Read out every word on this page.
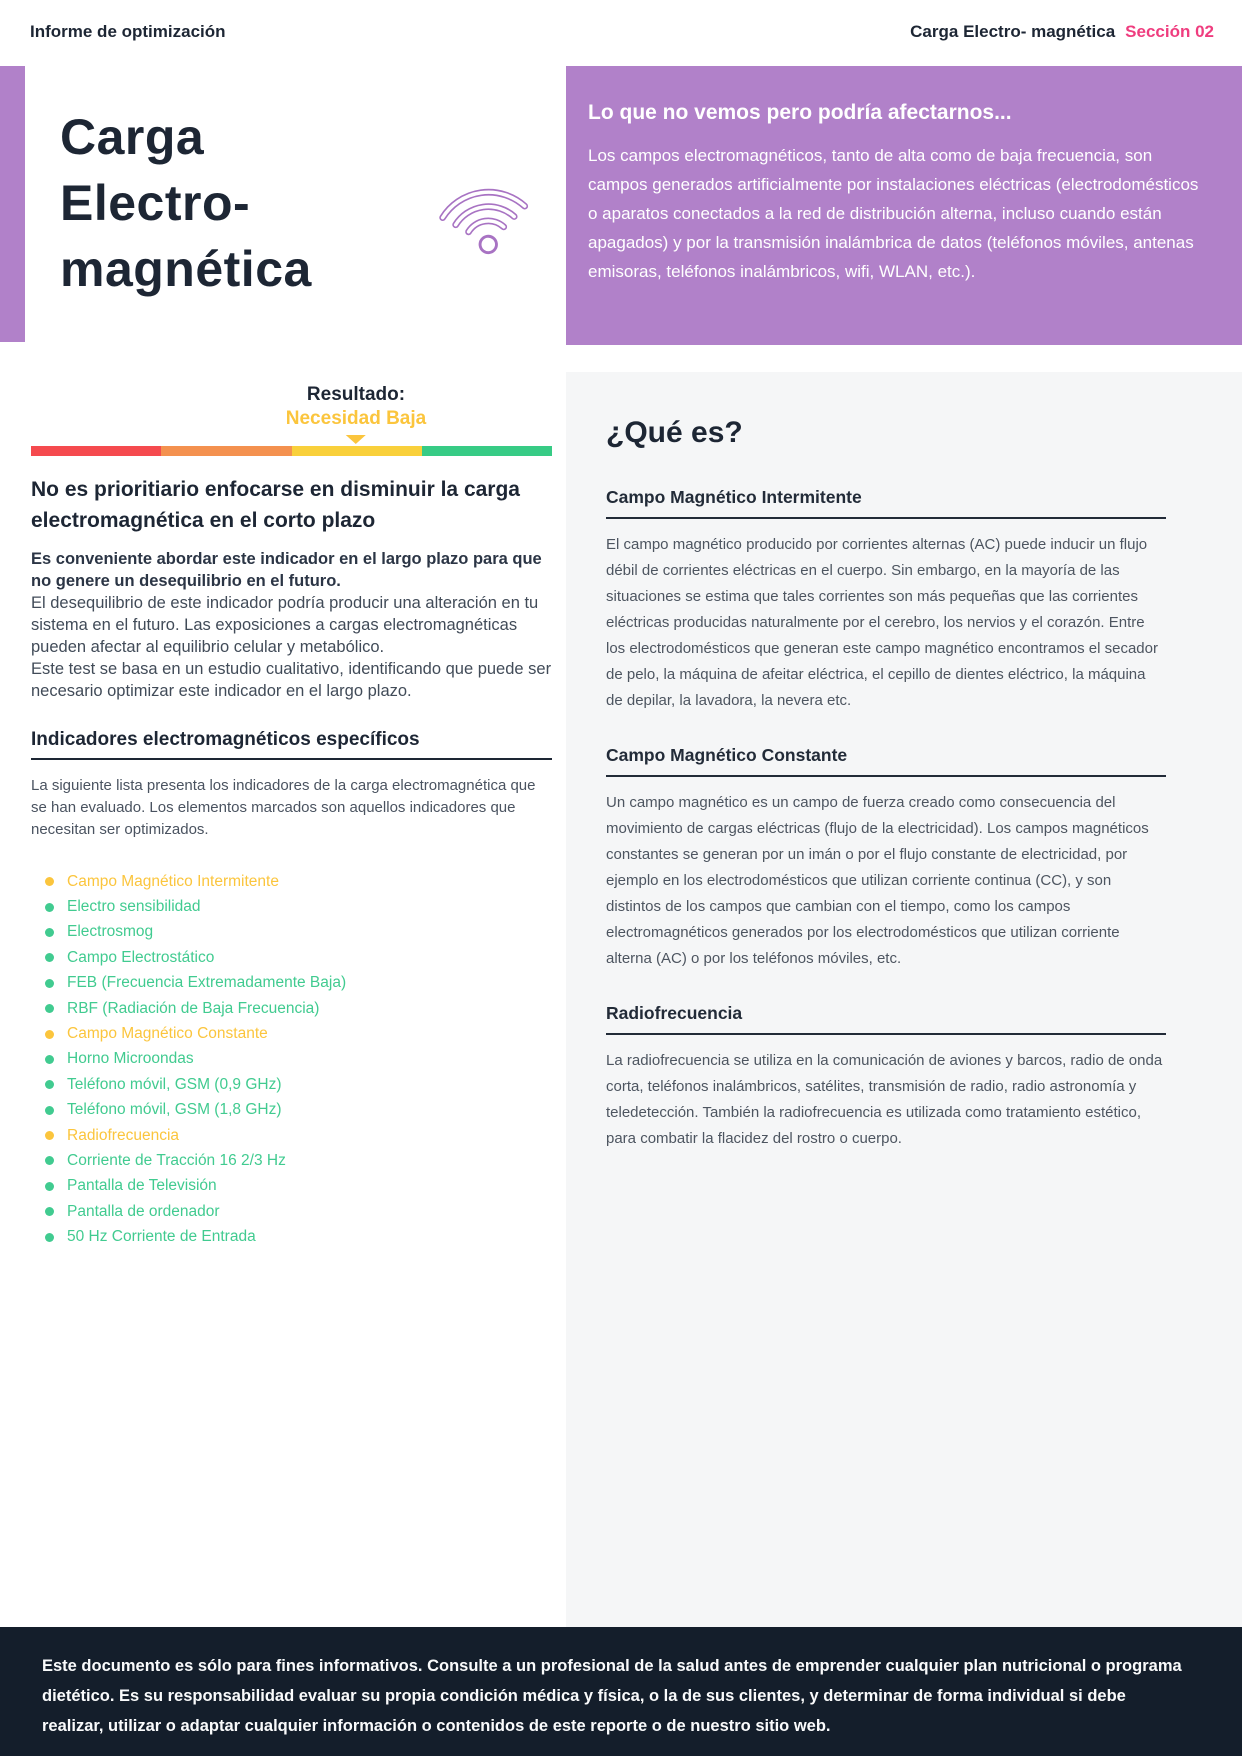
Informe de optimización	Carga Electro- magnética Sección 02
Carga
Electro-
magnética
Lo que no vemos pero podría afectarnos...

Los campos electromagnéticos, tanto de alta como de baja frecuencia, son campos generados artificialmente por instalaciones eléctricas (electrodomésticos o aparatos conectados a la red de distribución alterna, incluso cuando están apagados) y por la transmisión inalámbrica de datos (teléfonos móviles, antenas emisoras, teléfonos inalámbricos, wifi, WLAN, etc.).

Resultado:
Necesidad Baja
No es prioritiario enfocarse en disminuir la carga electromagnética en el corto plazo

Es conveniente abordar este indicador en el largo plazo para que no genere un desequilibrio en el futuro.

El desequilibrio de este indicador podría producir una alteración en tu sistema en el futuro. Las exposiciones a cargas electromagnéticas pueden afectar al equilibrio celular y metabólico.

Este test se basa en un estudio cualitativo, identificando que puede ser necesario optimizar este indicador en el largo plazo.

Indicadores electromagnéticos específicos

La siguiente lista presenta los indicadores de la carga electromagnética que se han evaluado. Los elementos marcados son aquellos indicadores que necesitan ser optimizados.

Campo Magnético Intermitente
Electro sensibilidad
Electrosmog
Campo Electrostático
FEB (Frecuencia Extremadamente Baja)
RBF (Radiación de Baja Frecuencia)
Campo Magnético Constante
Horno Microondas
Teléfono móvil, GSM (0,9 GHz)
Teléfono móvil, GSM (1,8 GHz)
Radiofrecuencia
Corriente de Tracción 16 2/3 Hz
Pantalla de Televisión
Pantalla de ordenador
50 Hz Corriente de Entrada
¿Qué es?
Campo Magnético Intermitente

El campo magnético producido por corrientes alternas (AC) puede inducir un flujo débil de corrientes eléctricas en el cuerpo. Sin embargo, en la mayoría de las situaciones se estima que tales corrientes son más pequeñas que las corrientes eléctricas producidas naturalmente por el cerebro, los nervios y el corazón. Entre los electrodomésticos que generan este campo magnético encontramos el secador de pelo, la máquina de afeitar eléctrica, el cepillo de dientes eléctrico, la máquina de depilar, la lavadora, la nevera etc.

Campo Magnético Constante

Un campo magnético es un campo de fuerza creado como consecuencia del movimiento de cargas eléctricas (flujo de la electricidad). Los campos magnéticos constantes se generan por un imán o por el flujo constante de electricidad, por ejemplo en los electrodomésticos que utilizan corriente continua (CC), y son distintos de los campos que cambian con el tiempo, como los campos electromagnéticos generados por los electrodomésticos que utilizan corriente alterna (AC) o por los teléfonos móviles, etc.

Radiofrecuencia

La radiofrecuencia se utiliza en la comunicación de aviones y barcos, radio de onda corta, teléfonos inalámbricos, satélites, transmisión de radio, radio astronomía y teledetección. También la radiofrecuencia es utilizada como tratamiento estético, para combatir la flacidez del rostro o cuerpo.

Este documento es sólo para fines informativos. Consulte a un profesional de la salud antes de emprender cualquier plan nutricional o programa dietético. Es su responsabilidad evaluar su propia condición médica y física, o la de sus clientes, y determinar de forma individual si debe realizar, utilizar o adaptar cualquier información o contenidos de este reporte o de nuestro sitio web.
